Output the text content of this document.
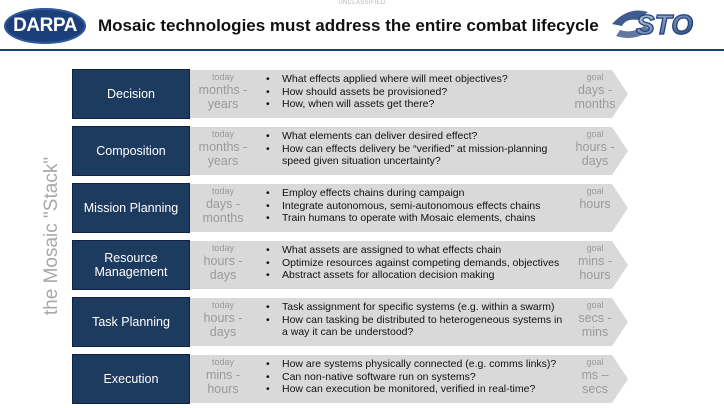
UNCLASSIFIED
DARPA	Mosaic technologies must address the entire combat lifecycle STO
the Mosaic "Stack"
Decision
today
months - years
• What effects applied where will meet objectives?
• How should assets be provisioned?
• How, when will assets get there?
goal
days - months
Composition
today
months - years
• What elements can deliver desired effect?
• How can effects delivery be “verified” at mission-planning speed given situation uncertainty?
goal
hours - days
Mission Planning
today
days - months
• Employ effects chains during campaign
• Integrate autonomous, semi-autonomous effects chains
• Train humans to operate with Mosaic elements, chains
goal
hours
Resource Management
today
hours - days
• What assets are assigned to what effects chain
• Optimize resources against competing demands, objectives
• Abstract assets for allocation decision making
goal
mins - hours
Task Planning
today
hours - days
• Task assignment for specific systems (e.g. within a swarm)
• How can tasking be distributed to heterogeneous systems in a way it can be understood?
goal
secs - mins
Execution
today
mins - hours
• How are systems physically connected (e.g. comms links)?
• Can non-native software run on systems?
• How can execution be monitored, verified in real-time?
goal
ms – secs
